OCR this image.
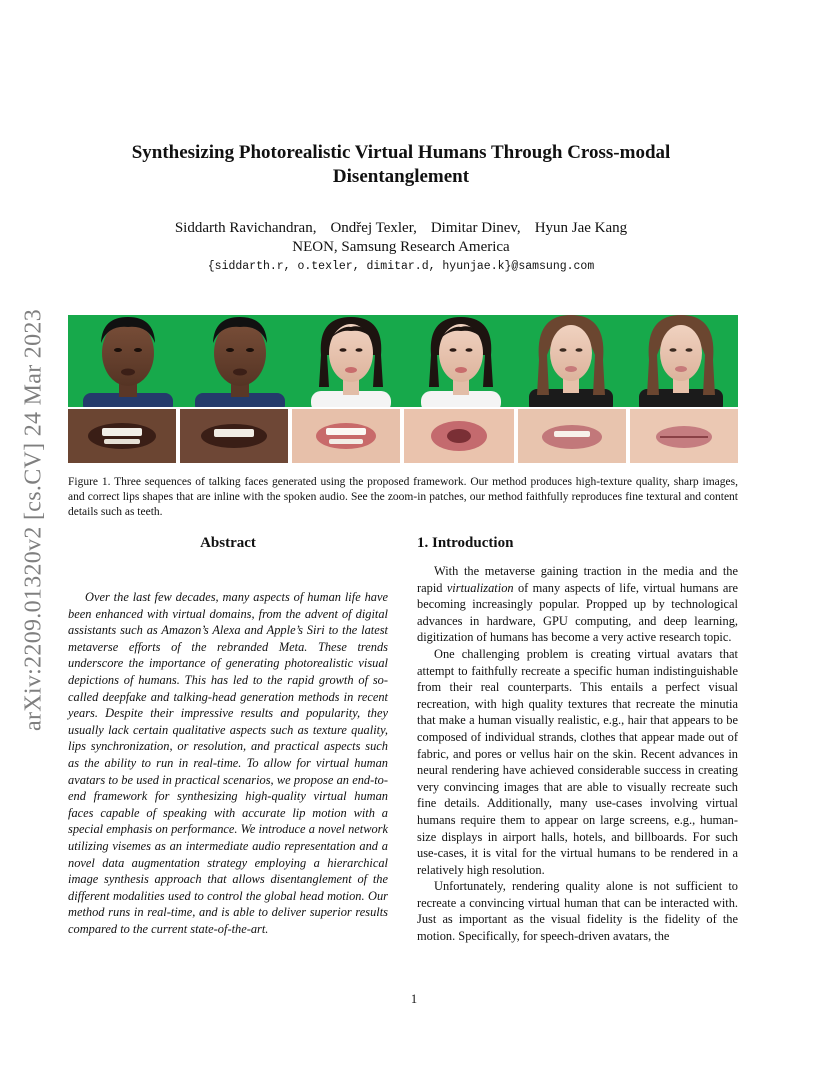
arXiv:2209.01320v2 [cs.CV] 24 Mar 2023
Synthesizing Photorealistic Virtual Humans Through Cross-modal
Disentanglement
Siddarth Ravichandran, Ondřej Texler, Dimitar Dinev, Hyun Jae Kang
NEON, Samsung Research America
{siddarth.r, o.texler, dimitar.d, hyunjae.k}@samsung.com
Figure 1. Three sequences of talking faces generated using the proposed framework. Our method produces high-texture quality, sharp images, and correct lips shapes that are inline with the spoken audio. See the zoom-in patches, our method faithfully reproduces fine textural and content details such as teeth.
Abstract

Over the last few decades, many aspects of human life have been enhanced with virtual domains, from the advent of digital assistants such as Amazon’s Alexa and Apple’s Siri to the latest metaverse efforts of the rebranded Meta. These trends underscore the importance of generating photorealistic visual depictions of humans. This has led to the rapid growth of so-called deepfake and talking-head generation methods in recent years. Despite their impressive results and popularity, they usually lack certain qualitative aspects such as texture quality, lips synchronization, or resolution, and practical aspects such as the ability to run in real-time. To allow for virtual human avatars to be used in practical scenarios, we propose an end-to-end framework for synthesizing high-quality virtual human faces capable of speaking with accurate lip motion with a special emphasis on performance. We introduce a novel network utilizing visemes as an intermediate audio representation and a novel data augmentation strategy employing a hierarchical image synthesis approach that allows disentanglement of the different modalities used to control the global head motion. Our method runs in real-time, and is able to deliver superior results compared to the current state-of-the-art.

1. Introduction

With the metaverse gaining traction in the media and the rapid virtualization of many aspects of life, virtual humans are becoming increasingly popular. Propped up by technological advances in hardware, GPU computing, and deep learning, digitization of humans has become a very active research topic.

One challenging problem is creating virtual avatars that attempt to faithfully recreate a specific human indistinguishable from their real counterparts. This entails a perfect visual recreation, with high quality textures that recreate the minutia that make a human visually realistic, e.g., hair that appears to be composed of individual strands, clothes that appear made out of fabric, and pores or vellus hair on the skin. Recent advances in neural rendering have achieved considerable success in creating very convincing images that are able to visually recreate such fine details. Additionally, many use-cases involving virtual humans require them to appear on large screens, e.g., human-size displays in airport halls, hotels, and billboards. For such use-cases, it is vital for the virtual humans to be rendered in a relatively high resolution.

Unfortunately, rendering quality alone is not sufficient to recreate a convincing virtual human that can be interacted with. Just as important as the visual fidelity is the fidelity of the motion. Specifically, for speech-driven avatars, the

1
